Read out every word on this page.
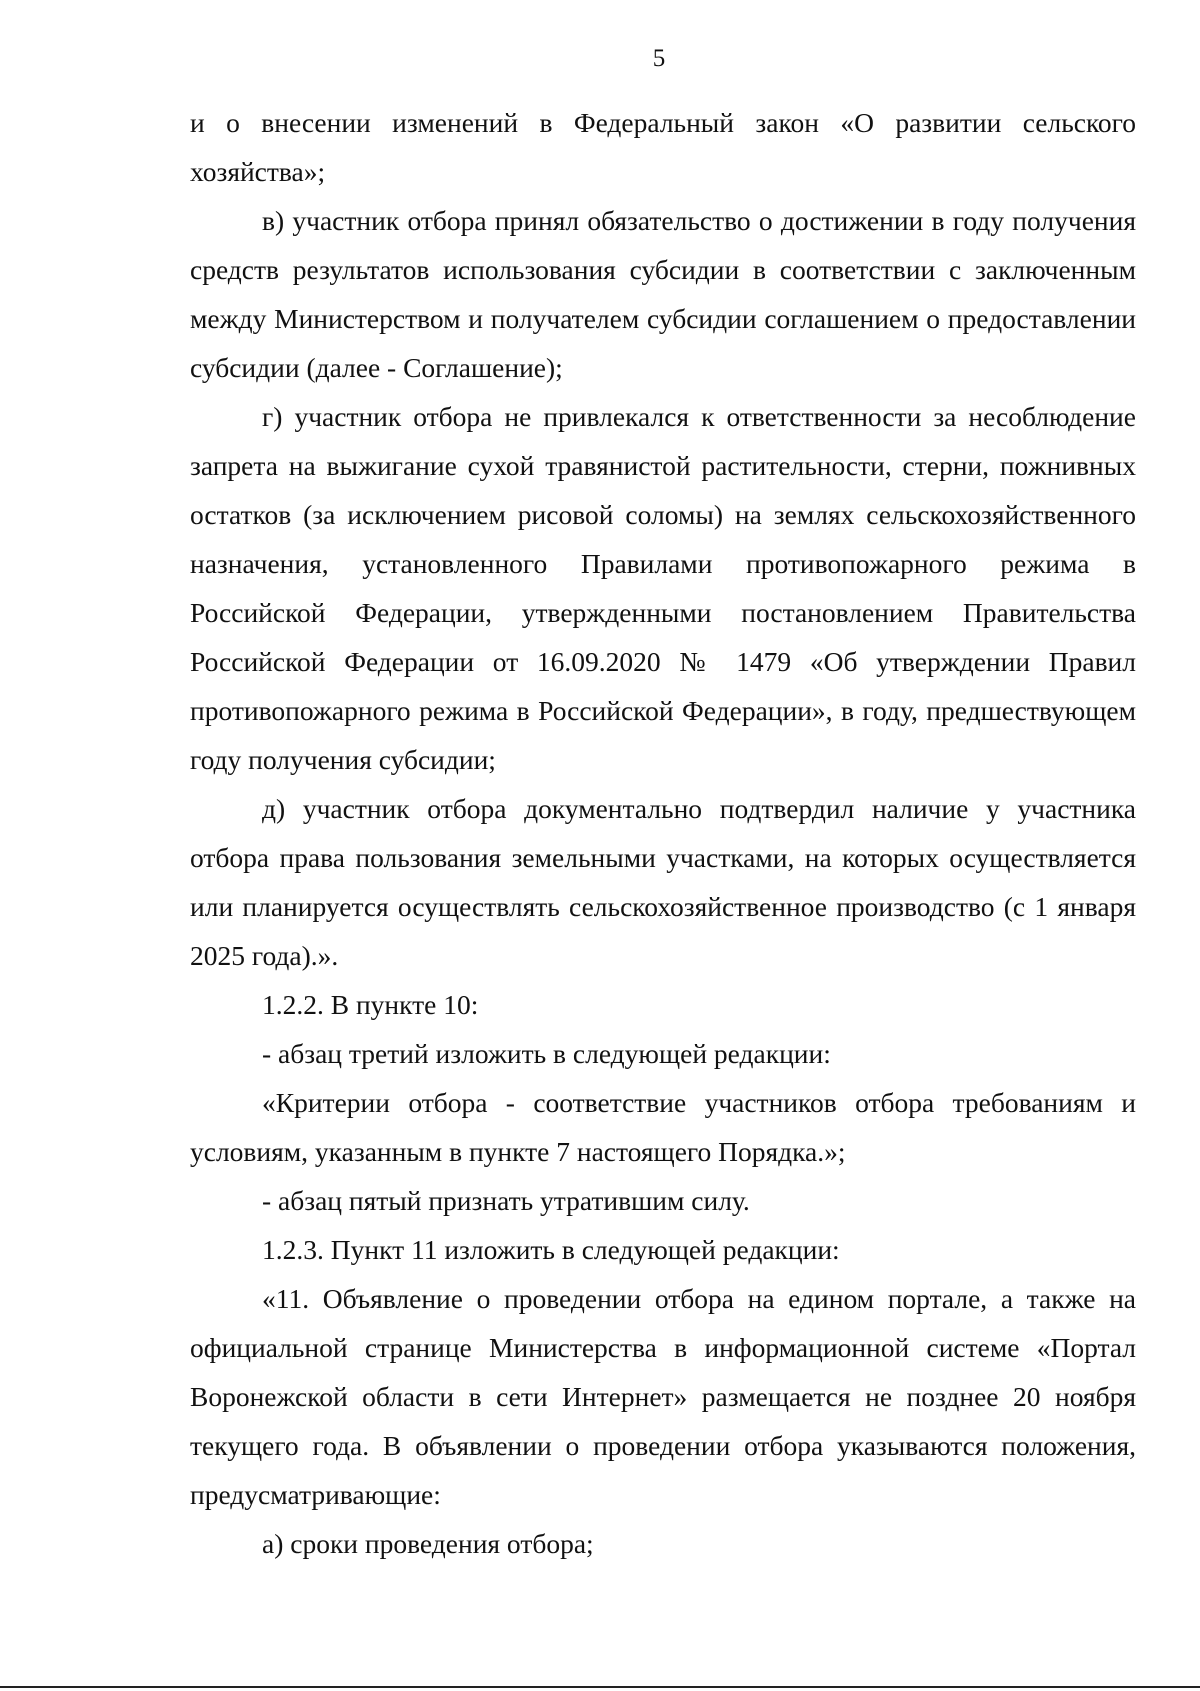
5

и о внесении изменений в Федеральный закон «О развитии сельского хозяйства»;

в) участник отбора принял обязательство о достижении в году получения средств результатов использования субсидии в соответствии с заключенным между Министерством и получателем субсидии соглашением о предоставлении субсидии (далее - Соглашение);

г) участник отбора не привлекался к ответственности за несоблюдение запрета на выжигание сухой травянистой растительности, стерни, пожнивных остатков (за исключением рисовой соломы) на землях сельскохозяйственного назначения, установленного Правилами противопожарного режима в Российской Федерации, утвержденными постановлением Правительства Российской Федерации от 16.09.2020 № 1479 «Об утверждении Правил противопожарного режима в Российской Федерации», в году, предшествующем году получения субсидии;

д) участник отбора документально подтвердил наличие у участника отбора права пользования земельными участками, на которых осуществляется или планируется осуществлять сельскохозяйственное производство (с 1 января 2025 года).».

1.2.2. В пункте 10:

- абзац третий изложить в следующей редакции:

«Критерии отбора - соответствие участников отбора требованиям и условиям, указанным в пункте 7 настоящего Порядка.»;

- абзац пятый признать утратившим силу.

1.2.3. Пункт 11 изложить в следующей редакции:

«11. Объявление о проведении отбора на едином портале, а также на официальной странице Министерства в информационной системе «Портал Воронежской области в сети Интернет» размещается не позднее 20 ноября текущего года. В объявлении о проведении отбора указываются положения, предусматривающие:

а) сроки проведения отбора;
